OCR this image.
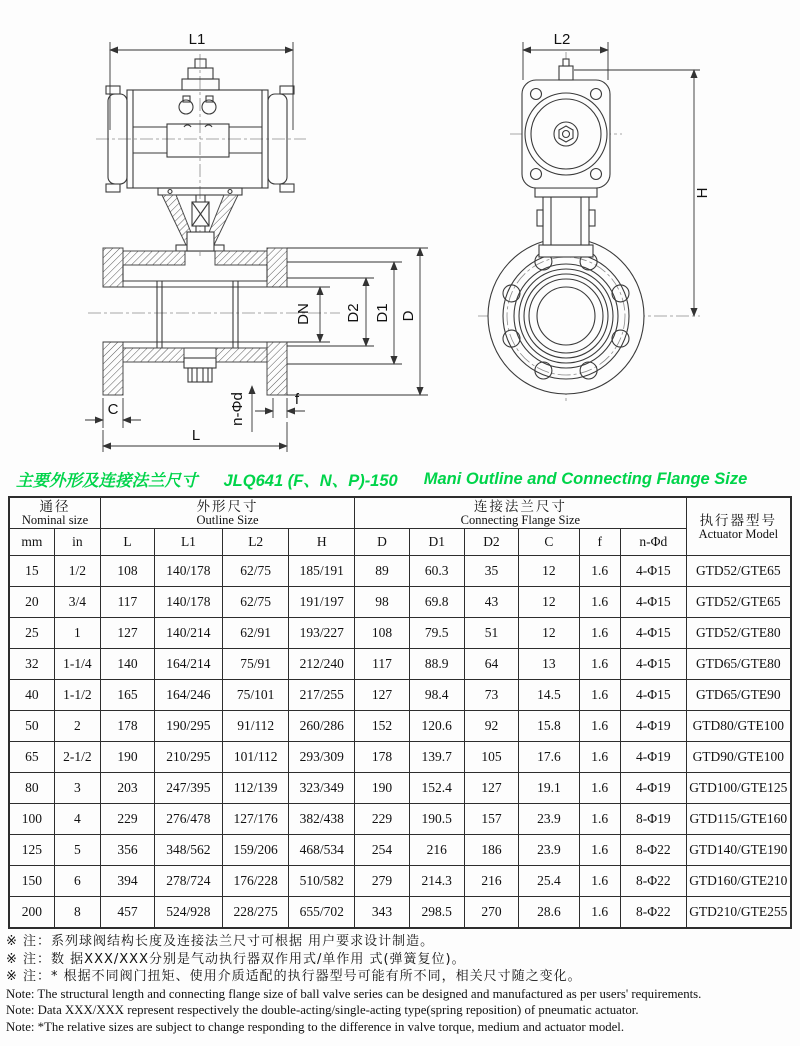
L1
DN D2 D1 D
C	n-Φd	f
L
L2
H
主要外形及连接法兰尺寸 JLQ641 (F、N、P)-150 Mani Outline and Connecting Flange Size
通径
Nominal size

外形尺寸
Outline Size

连接法兰尺寸
Connecting Flange Size	执行器型号
Actuator Model

mm	in	L	L1	L2	H	D	D1	D2	C	f	n-Φd	
15	1/2	108	140/178	62/75	185/191	89	60.3	35	12	1.6	4-Φ15	GTD52/GTE65
20	3/4	117	140/178	62/75	191/197	98	69.8	43	12	1.6	4-Φ15	GTD52/GTE65
25	1	127	140/214	62/91	193/227	108	79.5	51	12	1.6	4-Φ15	GTD52/GTE80
32	1-1/4	140	164/214	75/91	212/240	117	88.9	64	13	1.6	4-Φ15	GTD65/GTE80
40	1-1/2	165	164/246	75/101	217/255	127	98.4	73	14.5	1.6	4-Φ15	GTD65/GTE90
50	2	178	190/295	91/112	260/286	152	120.6	92	15.8	1.6	4-Φ19	GTD80/GTE100
65	2-1/2	190	210/295	101/112	293/309	178	139.7	105	17.6	1.6	4-Φ19	GTD90/GTE100
80	3	203	247/395	112/139	323/349	190	152.4	127	19.1	1.6	4-Φ19	GTD100/GTE125
100	4	229	276/478	127/176	382/438	229	190.5	157	23.9	1.6	8-Φ19	GTD115/GTE160
125	5	356	348/562	159/206	468/534	254	216	186	23.9	1.6	8-Φ22	GTD140/GTE190
150	6	394	278/724	176/228	510/582	279	214.3	216	25.4	1.6	8-Φ22	GTD160/GTE210
200	8	457	524/928	228/275	655/702	343	298.5	270	28.6	1.6	8-Φ22	GTD210/GTE255
※ 注：系列球阀结构长度及连接法兰尺寸可根据 用户要求设计制造。
※ 注：数 据XXX/XXX分别是气动执行器双作用式/单作用 式(弹簧复位)。
※ 注：* 根据不同阀门扭矩、使用介质适配的执行器型号可能有所不同，相关尺寸随之变化。
Note: The structural length and connecting flange size of ball valve series can be designed and manufactured as per users' requirements.
Note: Data XXX/XXX represent respectively the double-acting/single-acting type(spring reposition) of pneumatic actuator.
Note: *The relative sizes are subject to change responding to the difference in valve torque, medium and actuator model.
